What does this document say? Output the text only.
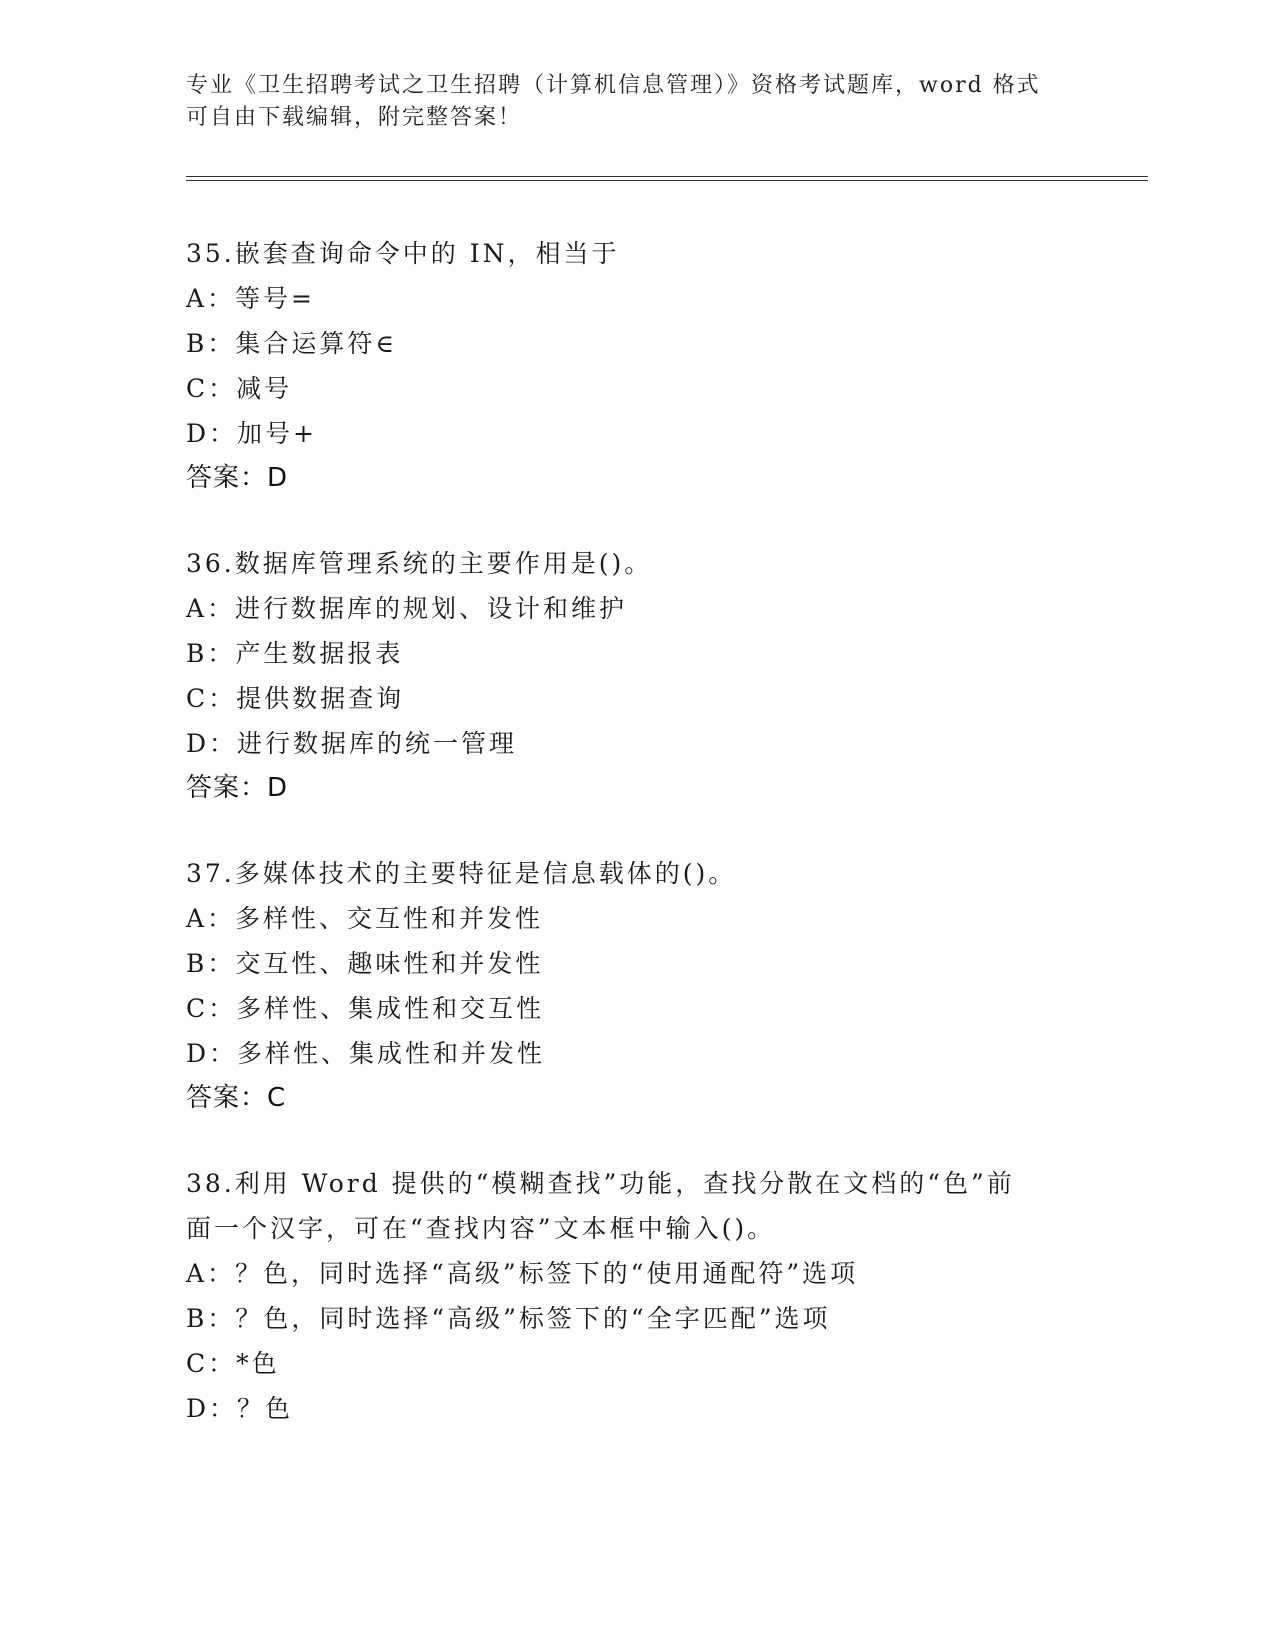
专业《卫生招聘考试之卫生招聘（计算机信息管理）》资格考试题库，word 格式
可自由下载编辑，附完整答案！
35.嵌套查询命令中的 IN，相当于
A：等号=
B：集合运算符∈
C：减号
D：加号+
答案：D
36.数据库管理系统的主要作用是()。
A：进行数据库的规划、设计和维护
B：产生数据报表
C：提供数据查询
D：进行数据库的统一管理
答案：D
37.多媒体技术的主要特征是信息载体的()。
A：多样性、交互性和并发性
B：交互性、趣味性和并发性
C：多样性、集成性和交互性
D：多样性、集成性和并发性
答案：C
38.利用 Word 提供的“模糊查找”功能，查找分散在文档的“色”前
面一个汉字，可在“查找内容”文本框中输入()。
A：？色，同时选择“高级”标签下的“使用通配符”选项
B：？色，同时选择“高级”标签下的“全字匹配”选项
C：*色
D：？色
